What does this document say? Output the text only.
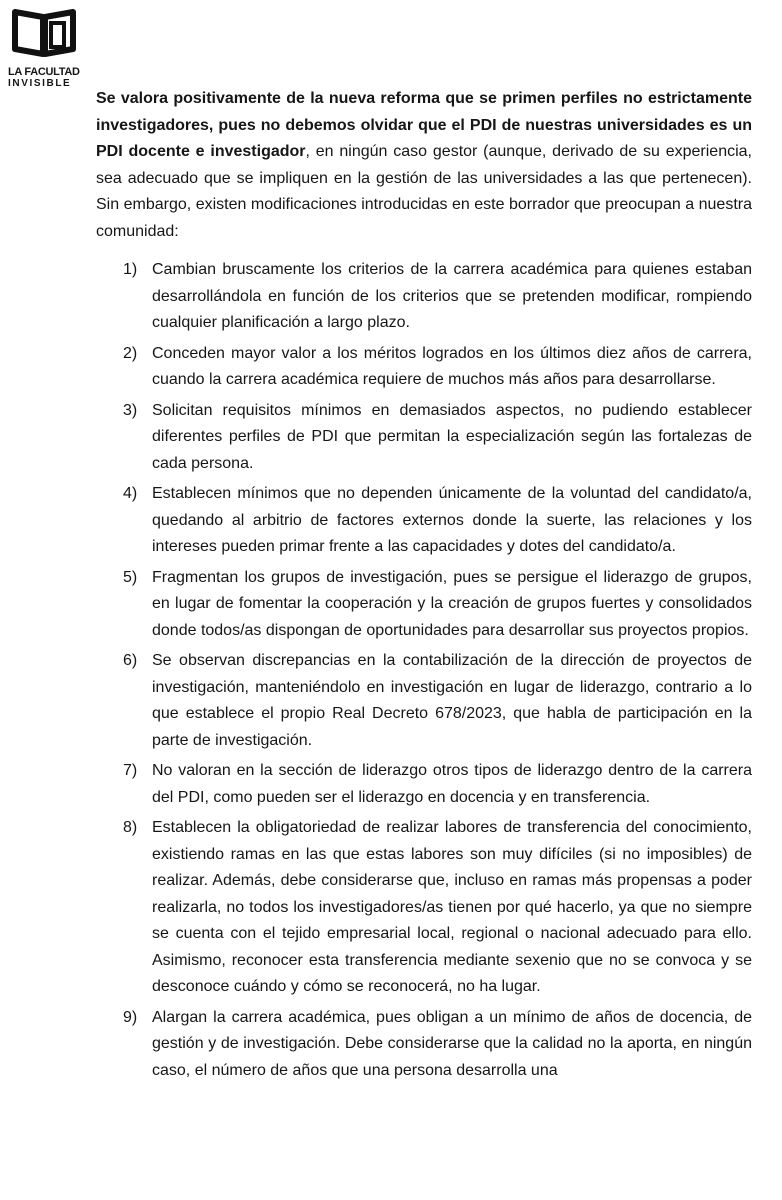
LA FACULTAD
INVISIBLE

Se valora positivamente de la nueva reforma que se primen perfiles no estrictamente investigadores, pues no debemos olvidar que el PDI de nuestras universidades es un PDI docente e investigador, en ningún caso gestor (aunque, derivado de su experiencia, sea adecuado que se impliquen en la gestión de las universidades a las que pertenecen). Sin embargo, existen modificaciones introducidas en este borrador que preocupan a nuestra comunidad:

1) Cambian bruscamente los criterios de la carrera académica para quienes estaban desarrollándola en función de los criterios que se pretenden modificar, rompiendo cualquier planificación a largo plazo.
2) Conceden mayor valor a los méritos logrados en los últimos diez años de carrera, cuando la carrera académica requiere de muchos más años para desarrollarse.
3) Solicitan requisitos mínimos en demasiados aspectos, no pudiendo establecer diferentes perfiles de PDI que permitan la especialización según las fortalezas de cada persona.
4) Establecen mínimos que no dependen únicamente de la voluntad del candidato/a, quedando al arbitrio de factores externos donde la suerte, las relaciones y los intereses pueden primar frente a las capacidades y dotes del candidato/a.
5) Fragmentan los grupos de investigación, pues se persigue el liderazgo de grupos, en lugar de fomentar la cooperación y la creación de grupos fuertes y consolidados donde todos/as dispongan de oportunidades para desarrollar sus proyectos propios.
6) Se observan discrepancias en la contabilización de la dirección de proyectos de investigación, manteniéndolo en investigación en lugar de liderazgo, contrario a lo que establece el propio Real Decreto 678/2023, que habla de participación en la parte de investigación.
7) No valoran en la sección de liderazgo otros tipos de liderazgo dentro de la carrera del PDI, como pueden ser el liderazgo en docencia y en transferencia.
8) Establecen la obligatoriedad de realizar labores de transferencia del conocimiento, existiendo ramas en las que estas labores son muy difíciles (si no imposibles) de realizar. Además, debe considerarse que, incluso en ramas más propensas a poder realizarla, no todos los investigadores/as tienen por qué hacerlo, ya que no siempre se cuenta con el tejido empresarial local, regional o nacional adecuado para ello. Asimismo, reconocer esta transferencia mediante sexenio que no se convoca y se desconoce cuándo y cómo se reconocerá, no ha lugar.
9) Alargan la carrera académica, pues obligan a un mínimo de años de docencia, de gestión y de investigación. Debe considerarse que la calidad no la aporta, en ningún caso, el número de años que una persona desarrolla una
